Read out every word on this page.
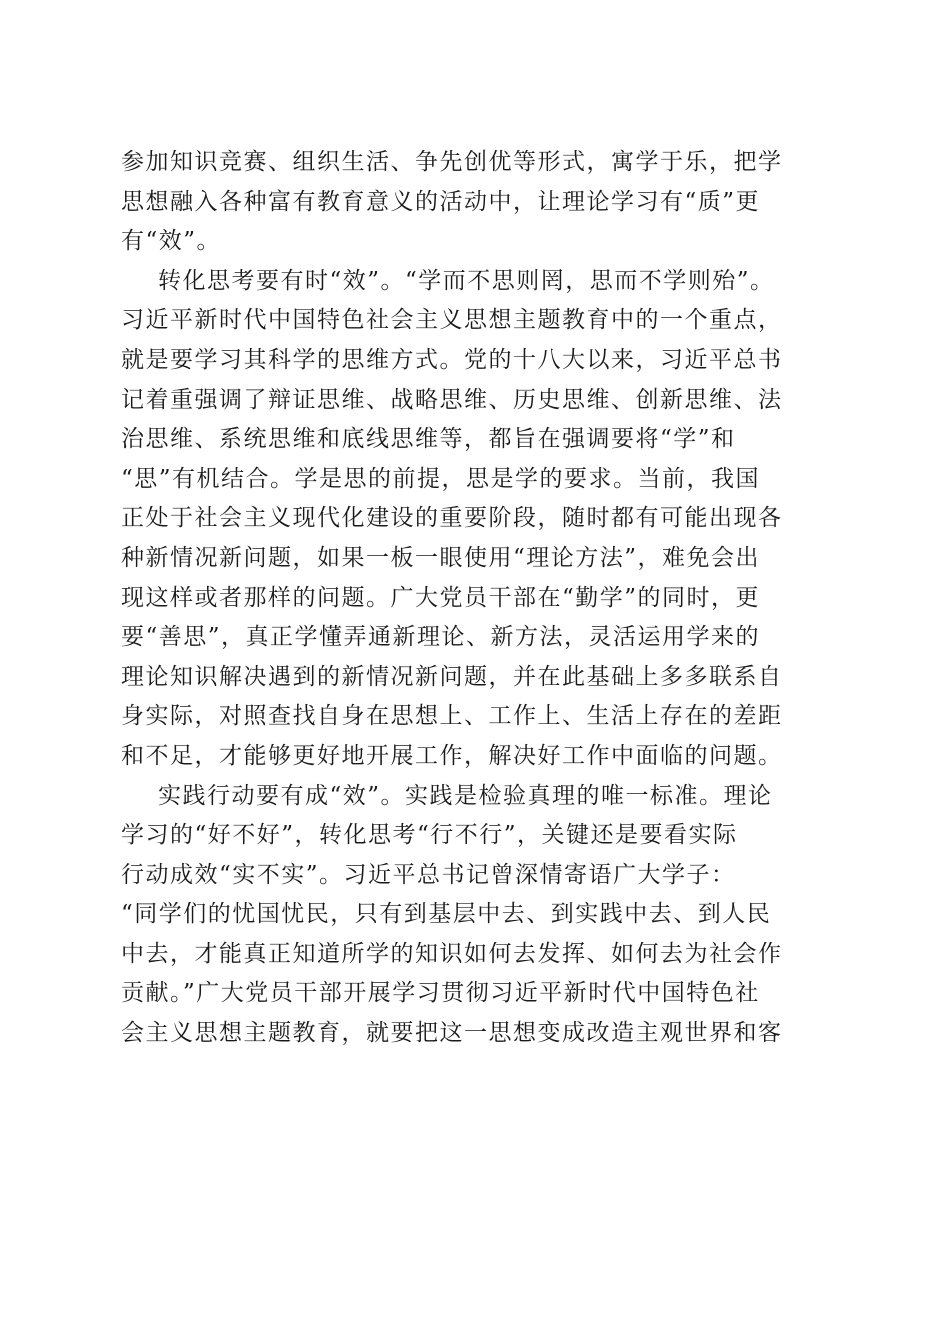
参加知识竞赛、组织生活、争先创优等形式，寓学于乐，把学
思想融入各种富有教育意义的活动中，让理论学习有“质”更
有“效”。
转化思考要有时“效”。“学而不思则罔，思而不学则殆”。
习近平新时代中国特色社会主义思想主题教育中的一个重点，
就是要学习其科学的思维方式。党的十八大以来，习近平总书
记着重强调了辩证思维、战略思维、历史思维、创新思维、法
治思维、系统思维和底线思维等，都旨在强调要将“学”和
“思”有机结合。学是思的前提，思是学的要求。当前，我国
正处于社会主义现代化建设的重要阶段，随时都有可能出现各
种新情况新问题，如果一板一眼使用“理论方法”，难免会出
现这样或者那样的问题。广大党员干部在“勤学”的同时，更
要“善思”，真正学懂弄通新理论、新方法，灵活运用学来的
理论知识解决遇到的新情况新问题，并在此基础上多多联系自
身实际，对照查找自身在思想上、工作上、生活上存在的差距
和不足，才能够更好地开展工作，解决好工作中面临的问题。
实践行动要有成“效”。实践是检验真理的唯一标准。理论
学习的“好不好”，转化思考“行不行”，关键还是要看实际
行动成效“实不实”。习近平总书记曾深情寄语广大学子：
“同学们的忧国忧民，只有到基层中去、到实践中去、到人民
中去，才能真正知道所学的知识如何去发挥、如何去为社会作
贡献。”广大党员干部开展学习贯彻习近平新时代中国特色社
会主义思想主题教育，就要把这一思想变成改造主观世界和客
